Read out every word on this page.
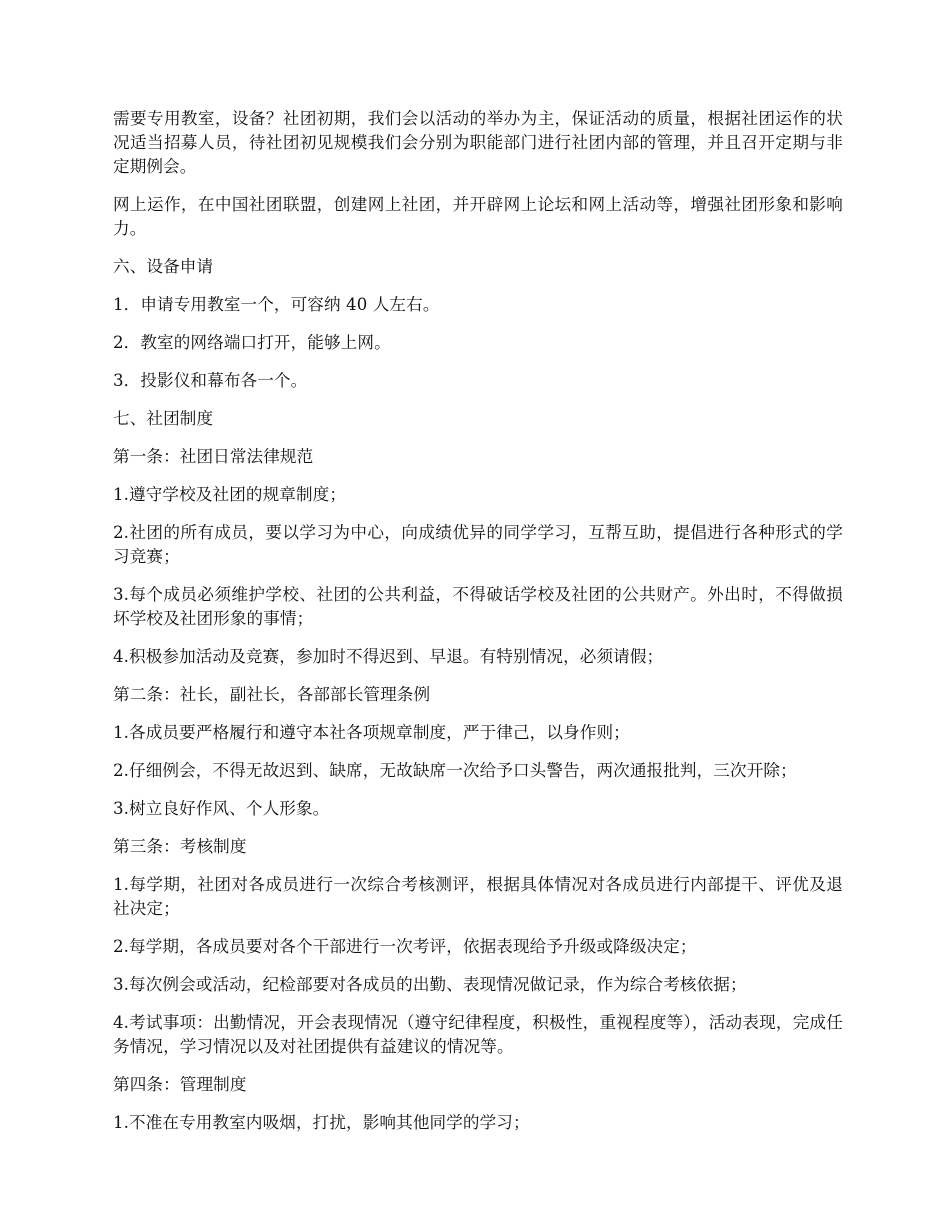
需要专用教室，设备？社团初期，我们会以活动的举办为主，保证活动的质量，根据社团运作的状况适当招募人员，待社团初见规模我们会分别为职能部门进行社团内部的管理，并且召开定期与非定期例会。

网上运作，在中国社团联盟，创建网上社团，并开辟网上论坛和网上活动等，增强社团形象和影响力。

六、设备申请

1．申请专用教室一个，可容纳 40 人左右。

2．教室的网络端口打开，能够上网。

3．投影仪和幕布各一个。

七、社团制度

第一条：社团日常法律规范

1.遵守学校及社团的规章制度；

2.社团的所有成员，要以学习为中心，向成绩优异的同学学习，互帮互助，提倡进行各种形式的学习竞赛；

3.每个成员必须维护学校、社团的公共利益，不得破话学校及社团的公共财产。外出时，不得做损坏学校及社团形象的事情；

4.积极参加活动及竞赛，参加时不得迟到、早退。有特别情况，必须请假；

第二条：社长，副社长，各部部长管理条例

1.各成员要严格履行和遵守本社各项规章制度，严于律己，以身作则；

2.仔细例会，不得无故迟到、缺席，无故缺席一次给予口头警告，两次通报批判，三次开除；

3.树立良好作风、个人形象。

第三条：考核制度

1.每学期，社团对各成员进行一次综合考核测评，根据具体情况对各成员进行内部提干、评优及退社决定；

2.每学期，各成员要对各个干部进行一次考评，依据表现给予升级或降级决定；

3.每次例会或活动，纪检部要对各成员的出勤、表现情况做记录，作为综合考核依据；

4.考试事项：出勤情况，开会表现情况（遵守纪律程度，积极性，重视程度等），活动表现，完成任务情况，学习情况以及对社团提供有益建议的情况等。

第四条：管理制度

1.不准在专用教室内吸烟，打扰，影响其他同学的学习；
